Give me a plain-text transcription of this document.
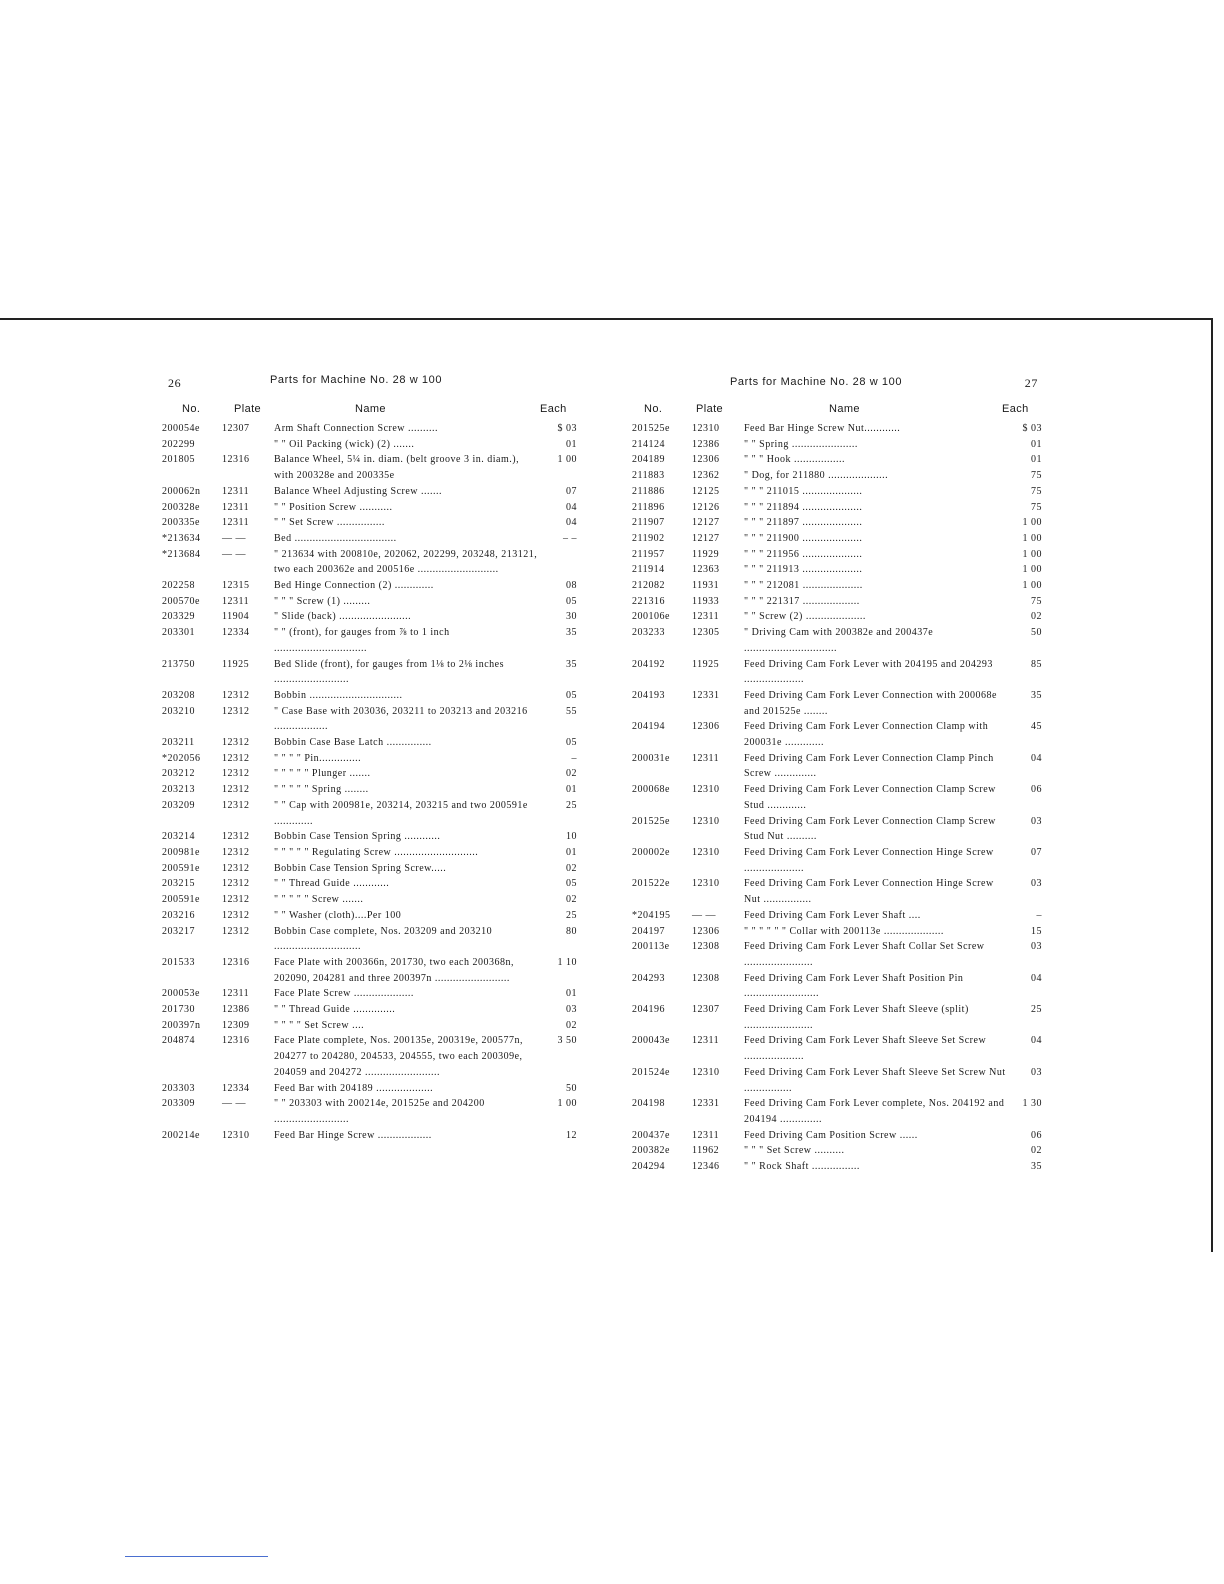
26	Parts for Machine No. 28 w 100
No.	Plate	Name	Each
200054e	12307	Arm Shaft Connection Screw ..........	$ 03
202299		" " Oil Packing (wick) (2) .......	01
201805	12316	Balance Wheel, 5¼ in. diam. (belt groove 3 in. diam.), with 200328e and 200335e	1 00
200062n	12311	Balance Wheel Adjusting Screw .......	07
200328e	12311	" " Position Screw ...........	04
200335e	12311	" " Set Screw ................	04
*213634	— —	Bed ..................................	– –
*213684	— —	" 213634 with 200810e, 202062, 202299, 203248, 213121, two each 200362e and 200516e ...........................	
202258	12315	Bed Hinge Connection (2) .............	08
200570e	12311	" " " Screw (1) .........	05
203329	11904	" Slide (back) ........................	30
203301	12334	" " (front), for gauges from ⅞ to 1 inch ...............................	35
213750	11925	Bed Slide (front), for gauges from 1⅛ to 2⅛ inches .........................	35
203208	12312	Bobbin ...............................	05
203210	12312	" Case Base with 203036, 203211 to 203213 and 203216 ..................	55
203211	12312	Bobbin Case Base Latch ...............	05
*202056	12312	" " " " Pin..............	–
203212	12312	" " " " " Plunger .......	02
203213	12312	" " " " " Spring ........	01
203209	12312	" " Cap with 200981e, 203214, 203215 and two 200591e .............	25
203214	12312	Bobbin Case Tension Spring ............	10
200981e	12312	" " " " " Regulating Screw ............................	01
200591e	12312	Bobbin Case Tension Spring Screw.....	02
203215	12312	" " Thread Guide ............	05
200591e	12312	" " " " " Screw .......	02
203216	12312	" " Washer (cloth)....Per 100	25
203217	12312	Bobbin Case complete, Nos. 203209 and 203210 .............................	80
201533	12316	Face Plate with 200366n, 201730, two each 200368n, 202090, 204281 and three 200397n .........................	1 10
200053e	12311	Face Plate Screw ....................	01
201730	12386	" " Thread Guide ..............	03
200397n	12309	" " " " Set Screw ....	02
204874	12316	Face Plate complete, Nos. 200135e, 200319e, 200577n, 204277 to 204280, 204533, 204555, two each 200309e, 204059 and 204272 .........................	3 50
203303	12334	Feed Bar with 204189 ...................	50
203309	— —	" " 203303 with 200214e, 201525e and 204200 .........................	1 00
200214e	12310	Feed Bar Hinge Screw ..................	12
Parts for Machine No. 28 w 100	27
No.	Plate	Name	Each
201525e	12310	Feed Bar Hinge Screw Nut............	$ 03
214124	12386	" " Spring ......................	01
204189	12306	" " " Hook .................	01
211883	12362	" Dog, for 211880 ....................	75
211886	12125	" " " 211015 ....................	75
211896	12126	" " " 211894 ....................	75
211907	12127	" " " 211897 ....................	1 00
211902	12127	" " " 211900 ....................	1 00
211957	11929	" " " 211956 ....................	1 00
211914	12363	" " " 211913 ....................	1 00
212082	11931	" " " 212081 ....................	1 00
221316	11933	" " " 221317 ...................	75
200106e	12311	" " Screw (2) ....................	02
203233	12305	" Driving Cam with 200382e and 200437e ...............................	50
204192	11925	Feed Driving Cam Fork Lever with 204195 and 204293 ....................	85
204193	12331	Feed Driving Cam Fork Lever Connection with 200068e and 201525e ........	35
204194	12306	Feed Driving Cam Fork Lever Connection Clamp with 200031e .............	45
200031e	12311	Feed Driving Cam Fork Lever Connection Clamp Pinch Screw ..............	04
200068e	12310	Feed Driving Cam Fork Lever Connection Clamp Screw Stud .............	06
201525e	12310	Feed Driving Cam Fork Lever Connection Clamp Screw Stud Nut ..........	03
200002e	12310	Feed Driving Cam Fork Lever Connection Hinge Screw ....................	07
201522e	12310	Feed Driving Cam Fork Lever Connection Hinge Screw Nut ................	03
*204195	— —	Feed Driving Cam Fork Lever Shaft ....	–
204197	12306	" " " " " " Collar with 200113e ....................	15
200113e	12308	Feed Driving Cam Fork Lever Shaft Collar Set Screw .......................	03
204293	12308	Feed Driving Cam Fork Lever Shaft Position Pin .........................	04
204196	12307	Feed Driving Cam Fork Lever Shaft Sleeve (split) .......................	25
200043e	12311	Feed Driving Cam Fork Lever Shaft Sleeve Set Screw ....................	04
201524e	12310	Feed Driving Cam Fork Lever Shaft Sleeve Set Screw Nut ................	03
204198	12331	Feed Driving Cam Fork Lever complete, Nos. 204192 and 204194 ..............	1 30
200437e	12311	Feed Driving Cam Position Screw ......	06
200382e	11962	" " " Set Screw ..........	02
204294	12346	" " Rock Shaft ................	35
